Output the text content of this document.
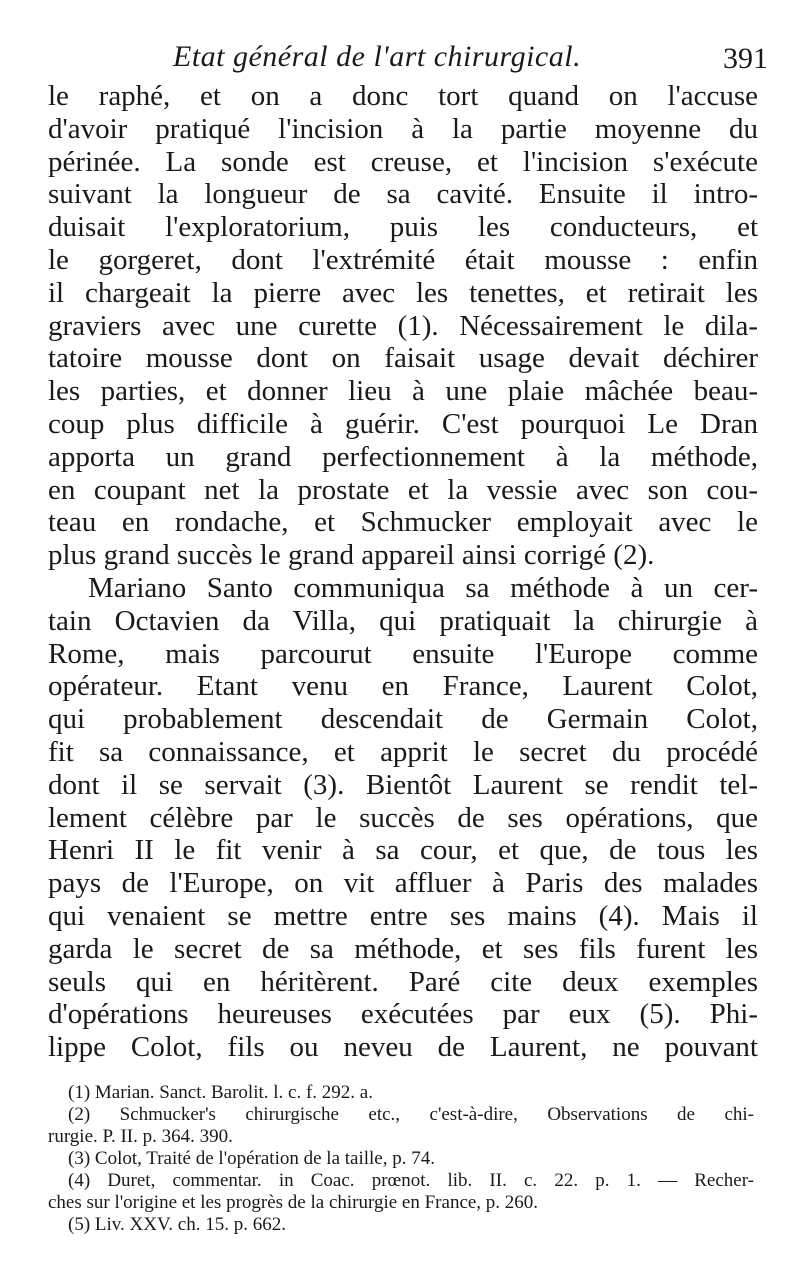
Etat général de l'art chirurgical.	391
le raphé, et on a donc tort quand on l'accuse
d'avoir pratiqué l'incision à la partie moyenne du
périnée. La sonde est creuse, et l'incision s'exécute
suivant la longueur de sa cavité. Ensuite il intro-
duisait l'exploratorium, puis les conducteurs, et
le gorgeret, dont l'extrémité était mousse : enfin
il chargeait la pierre avec les tenettes, et retirait les
graviers avec une curette (1). Nécessairement le dila-
tatoire mousse dont on faisait usage devait déchirer
les parties, et donner lieu à une plaie mâchée beau-
coup plus difficile à guérir. C'est pourquoi Le Dran
apporta un grand perfectionnement à la méthode,
en coupant net la prostate et la vessie avec son cou-
teau en rondache, et Schmucker employait avec le
plus grand succès le grand appareil ainsi corrigé (2).
Mariano Santo communiqua sa méthode à un cer-
tain Octavien da Villa, qui pratiquait la chirurgie à
Rome, mais parcourut ensuite l'Europe comme
opérateur. Etant venu en France, Laurent Colot,
qui probablement descendait de Germain Colot,
fit sa connaissance, et apprit le secret du procédé
dont il se servait (3). Bientôt Laurent se rendit tel-
lement célèbre par le succès de ses opérations, que
Henri II le fit venir à sa cour, et que, de tous les
pays de l'Europe, on vit affluer à Paris des malades
qui venaient se mettre entre ses mains (4). Mais il
garda le secret de sa méthode, et ses fils furent les
seuls qui en héritèrent. Paré cite deux exemples
d'opérations heureuses exécutées par eux (5). Phi-
lippe Colot, fils ou neveu de Laurent, ne pouvant
(1) Marian. Sanct. Barolit. l. c. f. 292. a.
(2) Schmucker's chirurgische etc., c'est-à-dire, Observations de chi-
rurgie. P. II. p. 364. 390.
(3) Colot, Traité de l'opération de la taille, p. 74.
(4) Duret, commentar. in Coac. prœnot. lib. II. c. 22. p. 1. — Recher-
ches sur l'origine et les progrès de la chirurgie en France, p. 260.
(5) Liv. XXV. ch. 15. p. 662.
